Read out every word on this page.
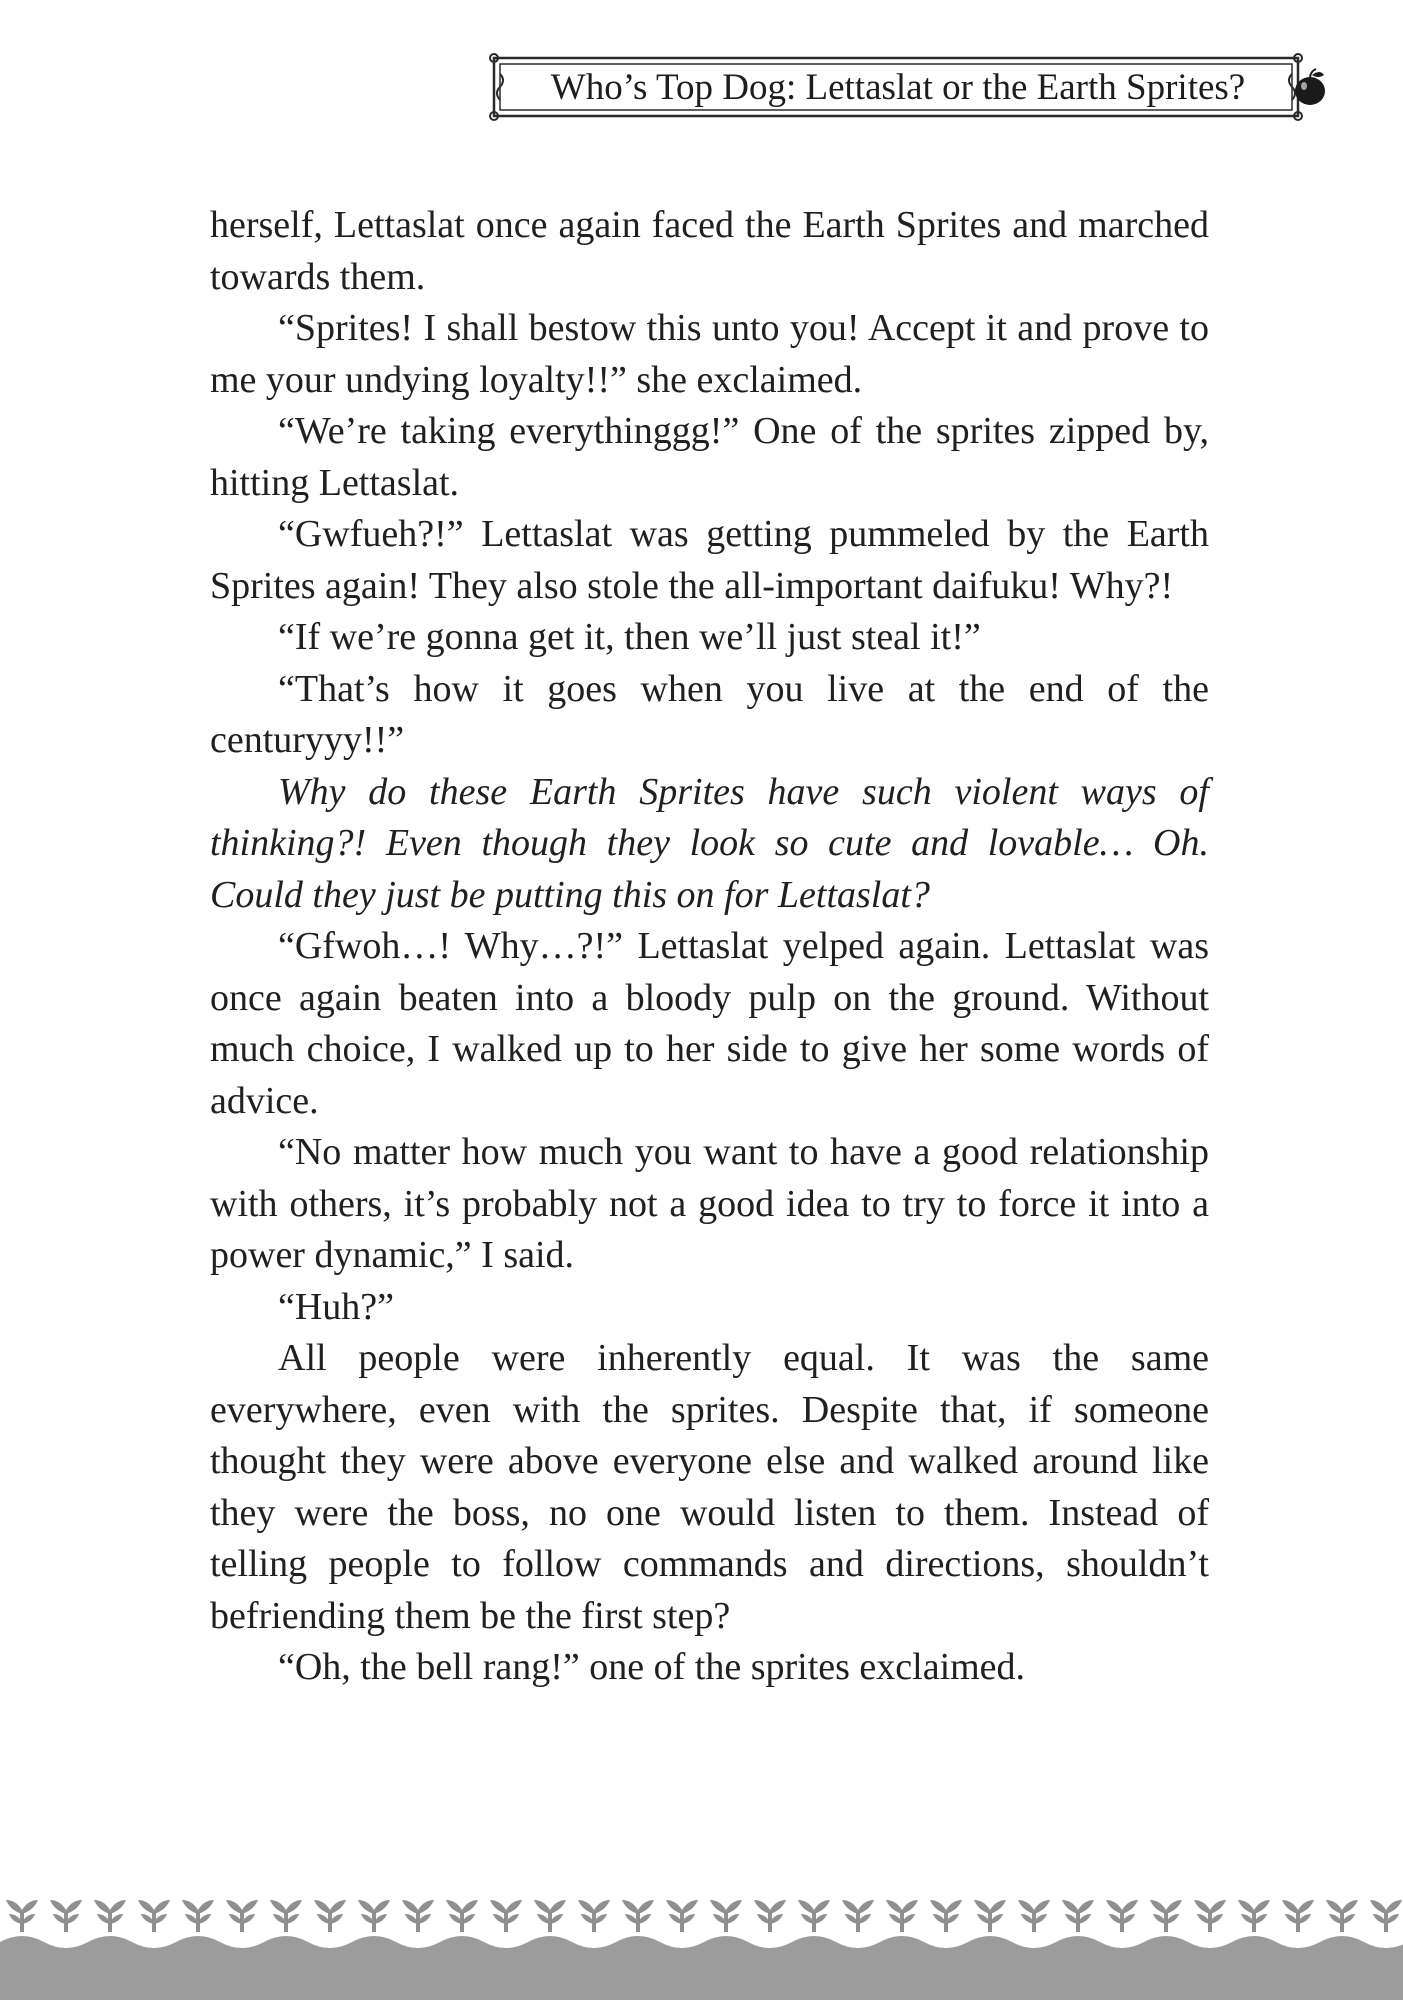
Who’s Top Dog: Lettaslat or the Earth Sprites?

herself, Lettaslat once again faced the Earth Sprites and marched towards them.

“Sprites! I shall bestow this unto you! Accept it and prove to me your undying loyalty!!” she exclaimed.

“We’re taking everythinggg!” One of the sprites zipped by, hitting Lettaslat.

“Gwfueh?!” Lettaslat was getting pummeled by the Earth Sprites again! They also stole the all-important daifuku! Why?!

“If we’re gonna get it, then we’ll just steal it!”

“That’s how it goes when you live at the end of the centuryyy!!”

Why do these Earth Sprites have such violent ways of thinking?! Even though they look so cute and lovable… Oh. Could they just be putting this on for Lettaslat?

“Gfwoh…! Why…?!” Lettaslat yelped again. Lettaslat was once again beaten into a bloody pulp on the ground. Without much choice, I walked up to her side to give her some words of advice.

“No matter how much you want to have a good relationship with others, it’s probably not a good idea to try to force it into a power dynamic,” I said.

“Huh?”

All people were inherently equal. It was the same everywhere, even with the sprites. Despite that, if someone thought they were above everyone else and walked around like they were the boss, no one would listen to them. Instead of telling people to follow commands and directions, shouldn’t befriending them be the first step?

“Oh, the bell rang!” one of the sprites exclaimed.
